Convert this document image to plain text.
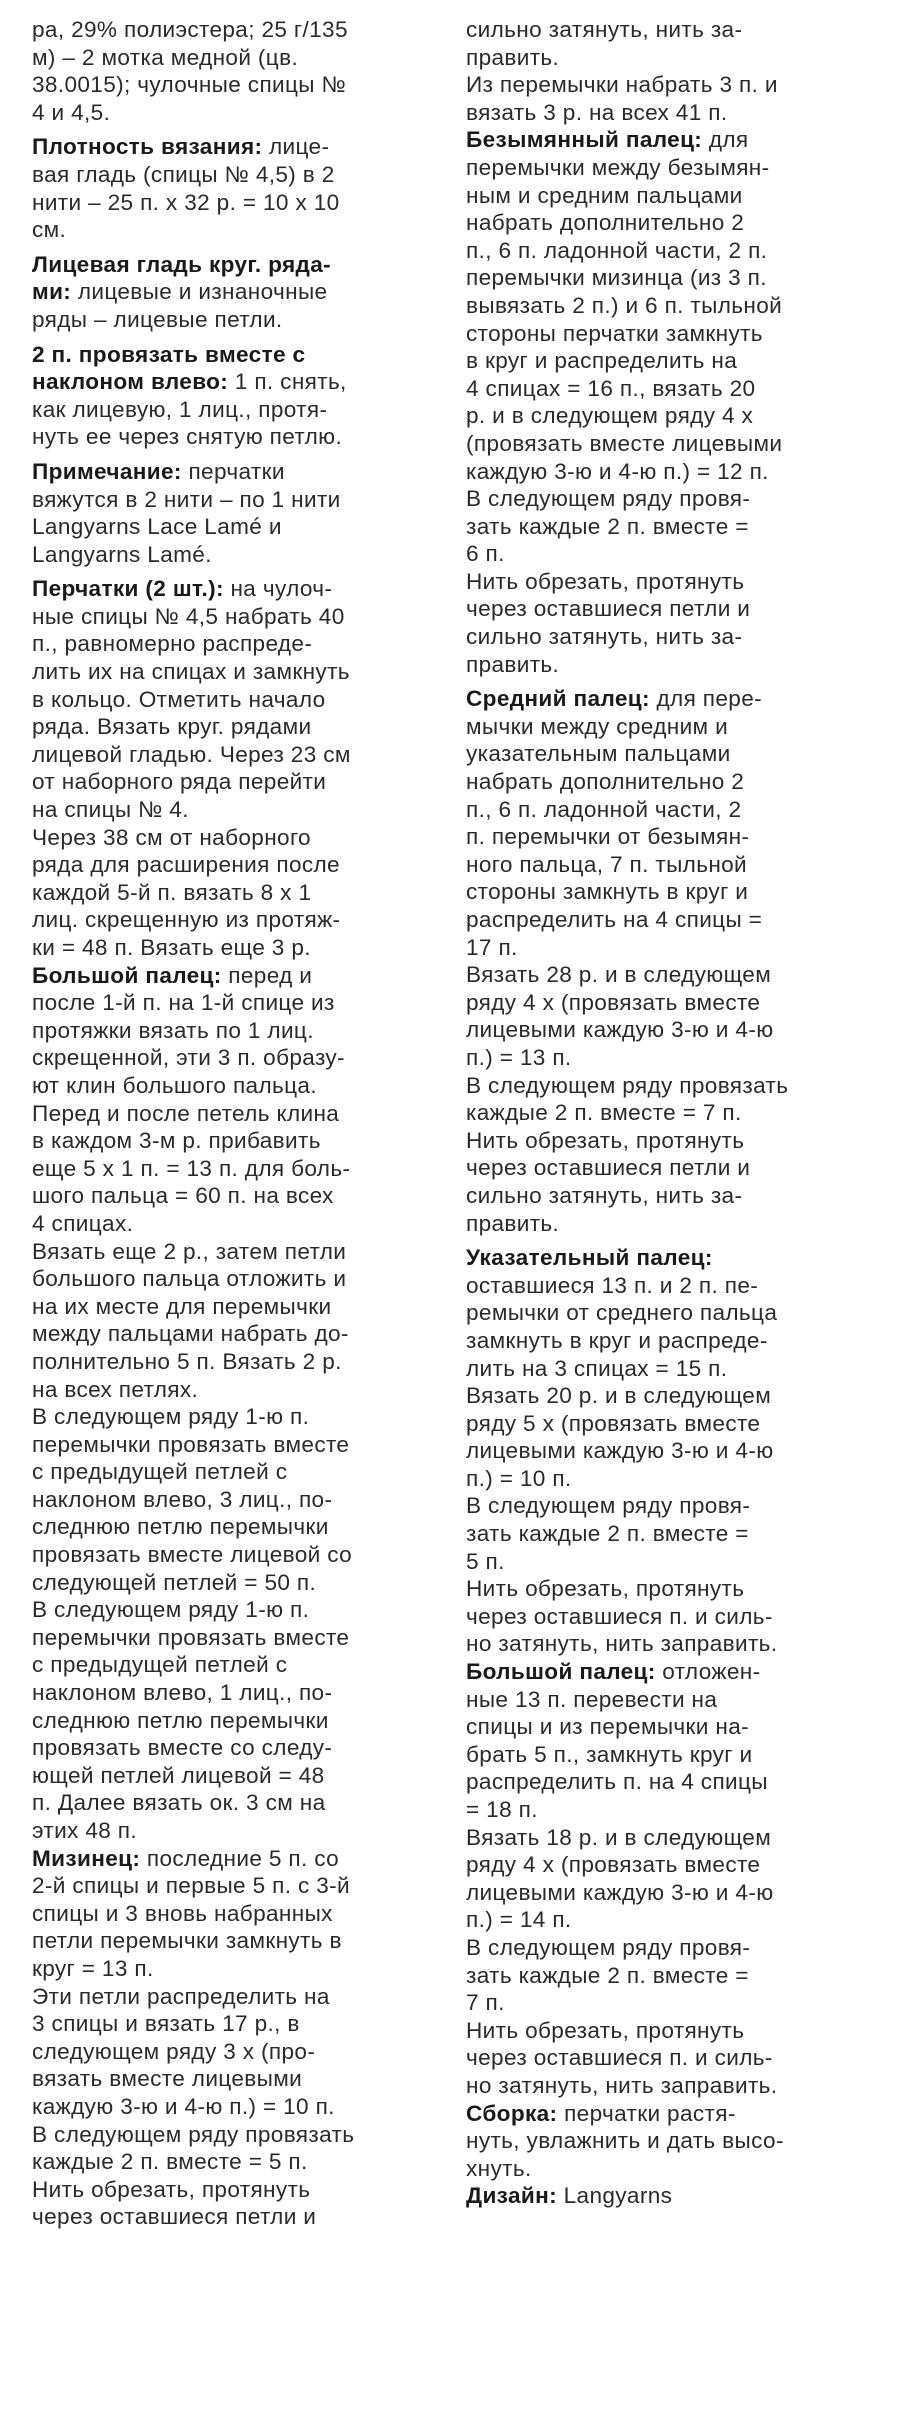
ра, 29% полиэстера; 25 г/135
м) – 2 мотка медной (цв.
38.0015); чулочные спицы №
4 и 4,5.
Плотность вязания: лице-
вая гладь (спицы № 4,5) в 2
нити – 25 п. х 32 р. = 10 х 10
см.
Лицевая гладь круг. ряда-
ми: лицевые и изнаночные
ряды – лицевые петли.
2 п. провязать вместе с
наклоном влево: 1 п. снять,
как лицевую, 1 лиц., протя-
нуть ее через снятую петлю.
Примечание: перчатки
вяжутся в 2 нити – по 1 нити
Langyarns Lace Lamé и
Langyarns Lamé.
Перчатки (2 шт.): на чулоч-
ные спицы № 4,5 набрать 40
п., равномерно распреде-
лить их на спицах и замкнуть
в кольцо. Отметить начало
ряда. Вязать круг. рядами
лицевой гладью. Через 23 см
от наборного ряда перейти
на спицы № 4.
Через 38 см от наборного
ряда для расширения после
каждой 5-й п. вязать 8 х 1
лиц. скрещенную из протяж-
ки = 48 п. Вязать еще 3 р.
Большой палец: перед и
после 1-й п. на 1-й спице из
протяжки вязать по 1 лиц.
скрещенной, эти 3 п. образу-
ют клин большого пальца.
Перед и после петель клина
в каждом 3-м р. прибавить
еще 5 х 1 п. = 13 п. для боль-
шого пальца = 60 п. на всех
4 спицах.
Вязать еще 2 р., затем петли
большого пальца отложить и
на их месте для перемычки
между пальцами набрать до-
полнительно 5 п. Вязать 2 р.
на всех петлях.
В следующем ряду 1-ю п.
перемычки провязать вместе
с предыдущей петлей с
наклоном влево, 3 лиц., по-
следнюю петлю перемычки
провязать вместе лицевой со
следующей петлей = 50 п.
В следующем ряду 1-ю п.
перемычки провязать вместе
с предыдущей петлей с
наклоном влево, 1 лиц., по-
следнюю петлю перемычки
провязать вместе со следу-
ющей петлей лицевой = 48
п. Далее вязать ок. 3 см на
этих 48 п.
Мизинец: последние 5 п. со
2-й спицы и первые 5 п. с 3-й
спицы и 3 вновь набранных
петли перемычки замкнуть в
круг = 13 п.
Эти петли распределить на
3 спицы и вязать 17 р., в
следующем ряду 3 х (про-
вязать вместе лицевыми
каждую 3-ю и 4-ю п.) = 10 п.
В следующем ряду провязать
каждые 2 п. вместе = 5 п.
Нить обрезать, протянуть
через оставшиеся петли и
сильно затянуть, нить за-
править.
Из перемычки набрать 3 п. и
вязать 3 р. на всех 41 п.
Безымянный палец: для
перемычки между безымян-
ным и средним пальцами
набрать дополнительно 2
п., 6 п. ладонной части, 2 п.
перемычки мизинца (из 3 п.
вывязать 2 п.) и 6 п. тыльной
стороны перчатки замкнуть
в круг и распределить на
4 спицах = 16 п., вязать 20
р. и в следующем ряду 4 х
(провязать вместе лицевыми
каждую 3-ю и 4-ю п.) = 12 п.
В следующем ряду провя-
зать каждые 2 п. вместе =
6 п.
Нить обрезать, протянуть
через оставшиеся петли и
сильно затянуть, нить за-
править.
Средний палец: для пере-
мычки между средним и
указательным пальцами
набрать дополнительно 2
п., 6 п. ладонной части, 2
п. перемычки от безымян-
ного пальца, 7 п. тыльной
стороны замкнуть в круг и
распределить на 4 спицы =
17 п.
Вязать 28 р. и в следующем
ряду 4 х (провязать вместе
лицевыми каждую 3-ю и 4-ю
п.) = 13 п.
В следующем ряду провязать
каждые 2 п. вместе = 7 п.
Нить обрезать, протянуть
через оставшиеся петли и
сильно затянуть, нить за-
править.
Указательный палец:
оставшиеся 13 п. и 2 п. пе-
ремычки от среднего пальца
замкнуть в круг и распреде-
лить на 3 спицах = 15 п.
Вязать 20 р. и в следующем
ряду 5 х (провязать вместе
лицевыми каждую 3-ю и 4-ю
п.) = 10 п.
В следующем ряду провя-
зать каждые 2 п. вместе =
5 п.
Нить обрезать, протянуть
через оставшиеся п. и силь-
но затянуть, нить заправить.
Большой палец: отложен-
ные 13 п. перевести на
спицы и из перемычки на-
брать 5 п., замкнуть круг и
распределить п. на 4 спицы
= 18 п.
Вязать 18 р. и в следующем
ряду 4 х (провязать вместе
лицевыми каждую 3-ю и 4-ю
п.) = 14 п.
В следующем ряду провя-
зать каждые 2 п. вместе =
7 п.
Нить обрезать, протянуть
через оставшиеся п. и силь-
но затянуть, нить заправить.
Сборка: перчатки растя-
нуть, увлажнить и дать высо-
хнуть.
Дизайн: Langyarns
